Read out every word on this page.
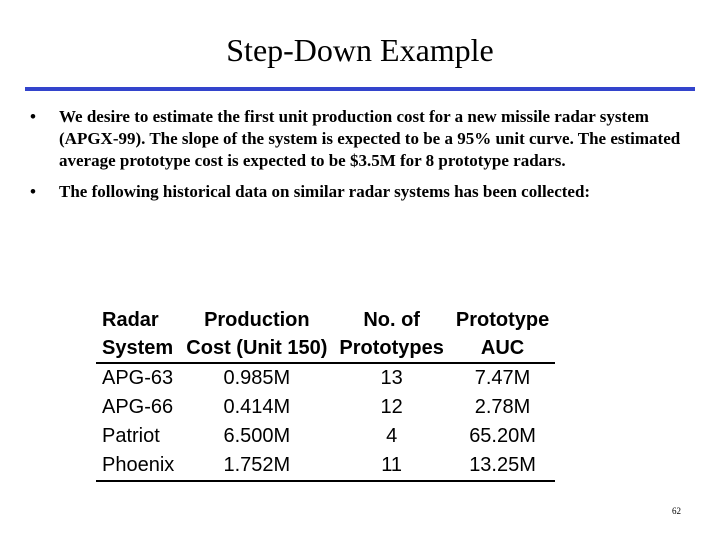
Step-Down Example
• We desire to estimate the first unit production cost for a new missile radar system (APGX-99). The slope of the system is expected to be a 95% unit curve. The estimated average prototype cost is expected to be $3.5M for 8 prototype radars.
• The following historical data on similar radar systems has been collected:
Radar	Production	No. of	Prototype
System	Cost (Unit 150)	Prototypes	AUC
APG-63	0.985M	13	7.47M
APG-66	0.414M	12	2.78M
Patriot	6.500M	4	65.20M
Phoenix	1.752M	11	13.25M
62
